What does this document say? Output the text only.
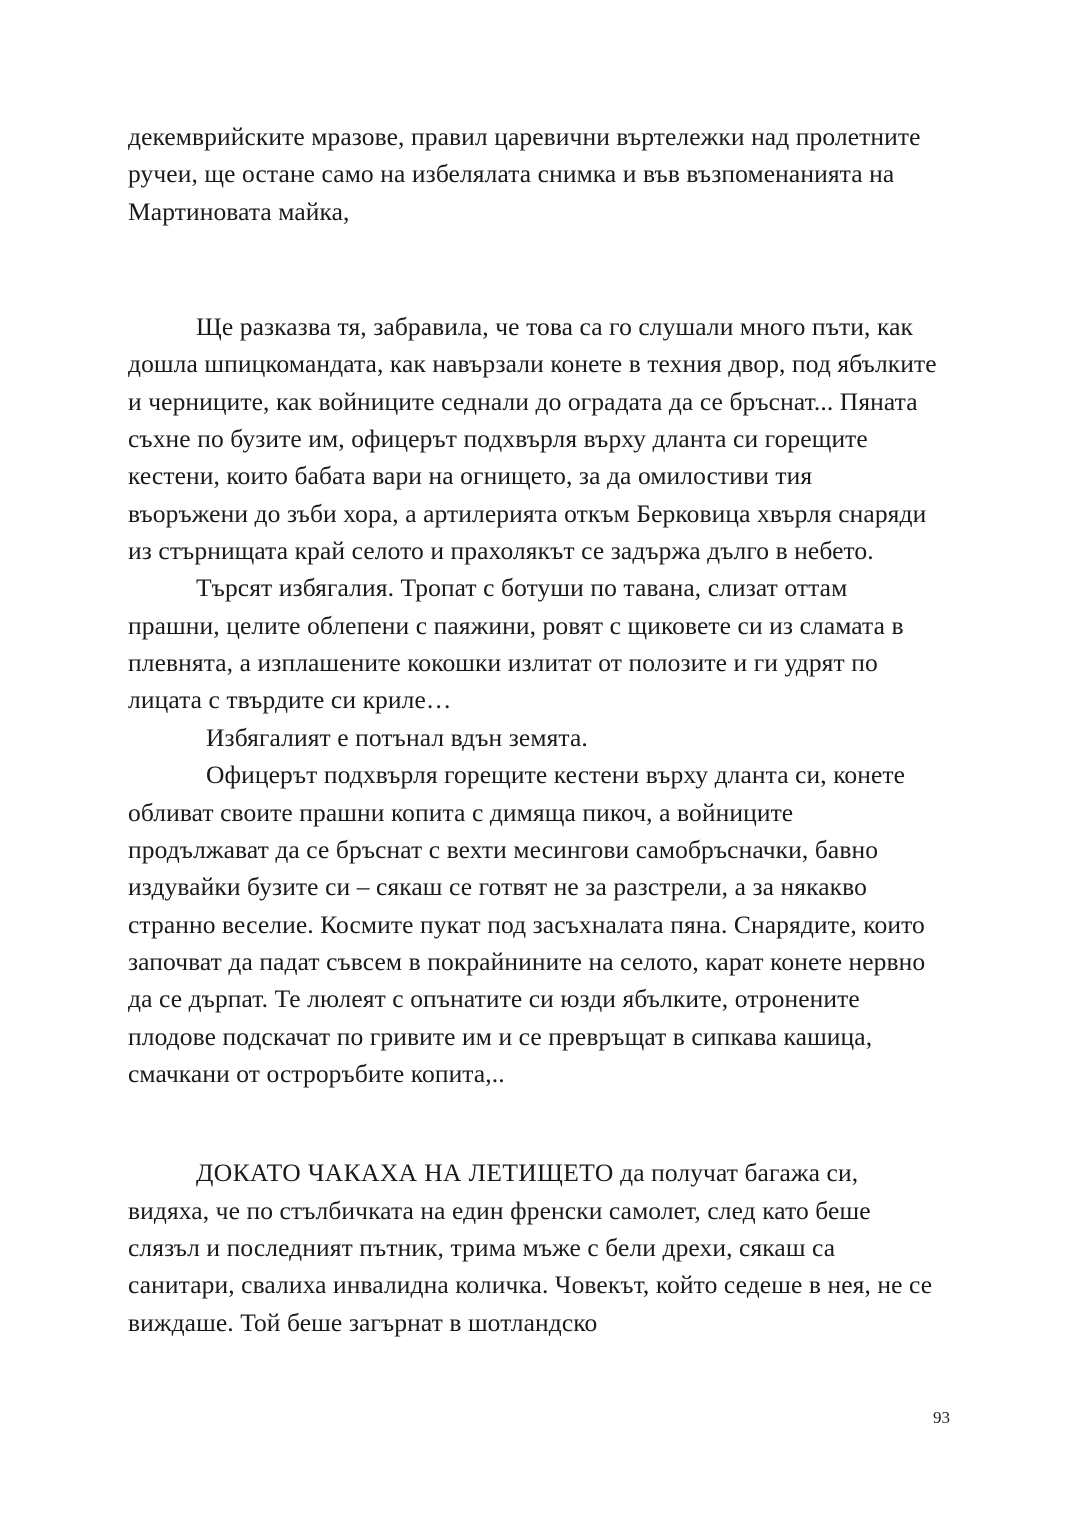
декемврийските мразове, правил царевични въртележки над пролетните ручеи, ще остане само на избелялата снимка и във възпоменанията на Мартиновата майка,

Ще разказва тя, забравила, че това са го слушали много пъти, как дошла шпицкомандата, как навързали конете в техния двор, под ябълките и черниците, как войниците седнали до оградата да се бръснат... Пяната съхне по бузите им, офицерът подхвърля върху дланта си горещите кестени, които бабата вари на огнището, за да омилостиви тия въоръжени до зъби хора, а артилерията откъм Берковица хвърля снаряди из стърнищата край селото и прахолякът се задържа дълго в небето.

Търсят избягалия. Тропат с ботуши по тавана, слизат оттам прашни, целите облепени с паяжини, ровят с щиковете си из сламата в плевнята, а изплашените кокошки излитат от полозите и ги удрят по лицата с твърдите си криле…

Избягалият е потънал вдън земята.

Офицерът подхвърля горещите кестени върху дланта си, конете обливат своите прашни копита с димяща пикоч, а войниците продължават да се бръснат с вехти месингови самобръсначки, бавно издувайки бузите си – сякаш се готвят не за разстрели, а за някакво странно веселие. Космите пукат под засъхналата пяна. Снарядите, които започват да падат съвсем в покрайнините на селото, карат конете нервно да се дърпат. Те люлеят с опънатите си юзди ябълките, отронените плодове подскачат по гривите им и се превръщат в сипкава кашица, смачкани от остроръбите копита,..

ДОКАТО ЧАКАХА НА ЛЕТИЩЕТО да получат багажа си, видяха, че по стълбичката на един френски самолет, след като беше слязъл и последният пътник, трима мъже с бели дрехи, сякаш са санитари, свалиха инвалидна количка. Човекът, който седеше в нея, не се виждаше. Той беше загърнат в шотландско

93
